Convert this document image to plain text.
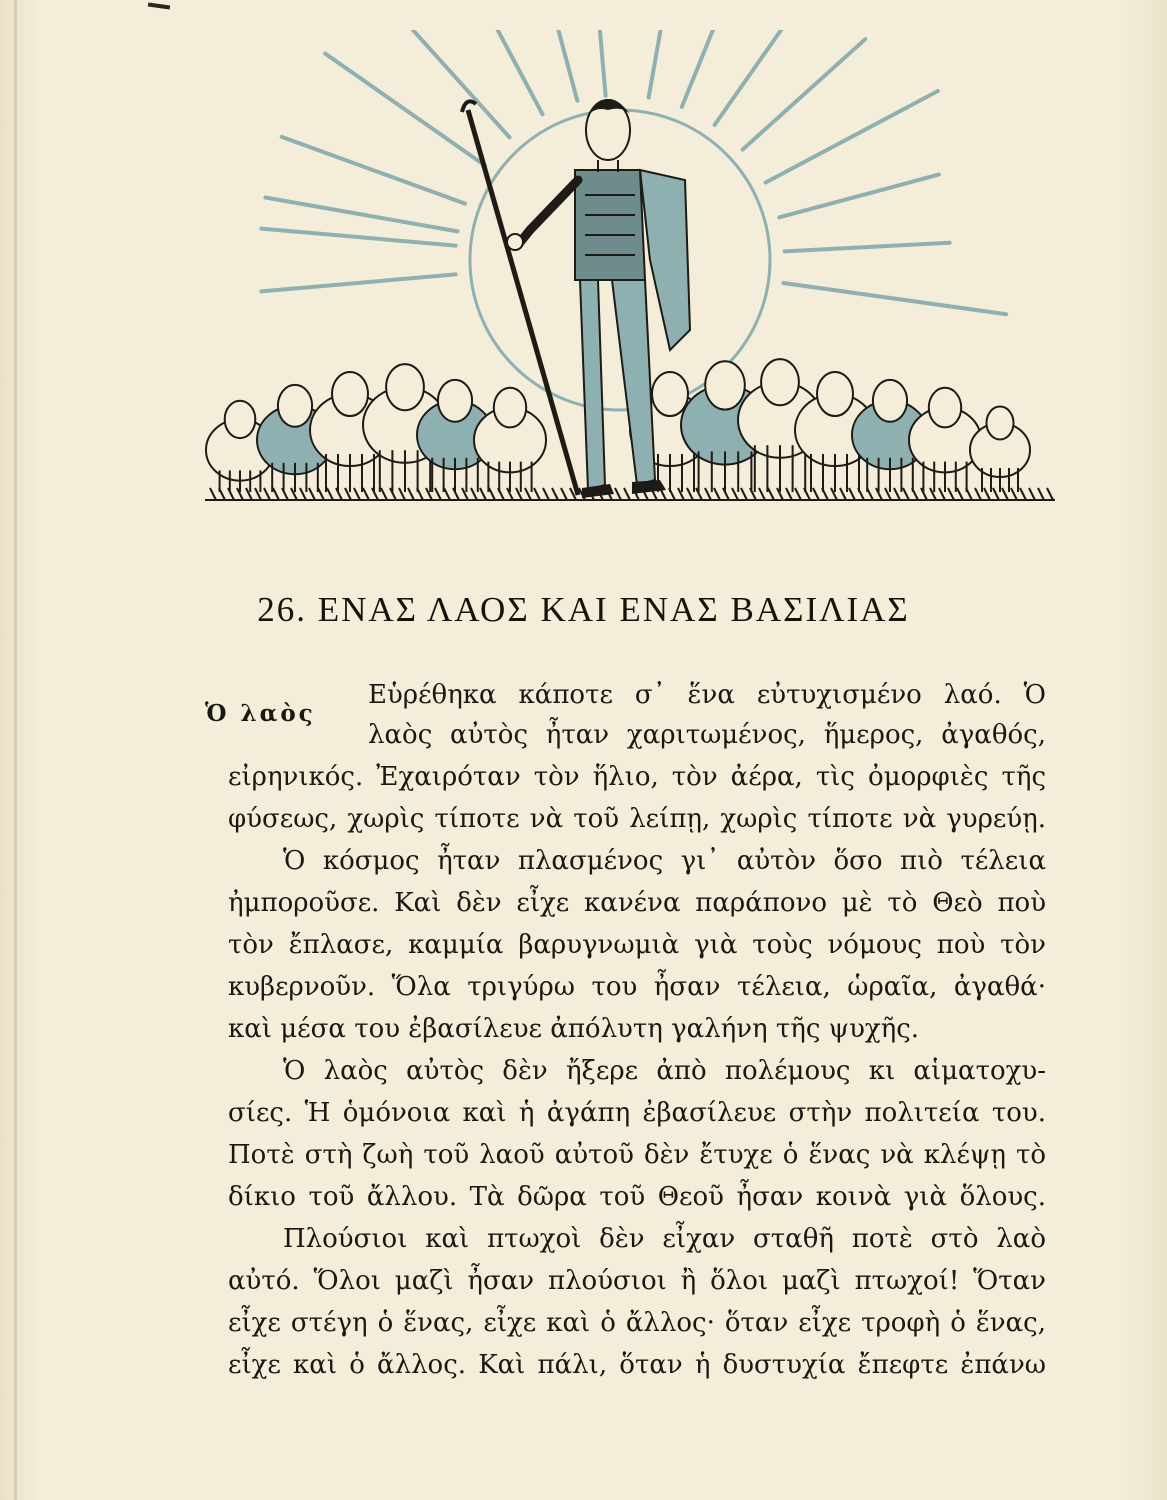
26. ΕΝΑΣ ΛΑΟΣ ΚΑΙ ΕΝΑΣ ΒΑΣΙΛΙΑΣ
Ὁ λαὸς
Εὑρέθηκα κάποτε σ᾽ ἕνα εὐτυχισμένο λαό. Ὁ
λαὸς αὐτὸς ἦταν χαριτωμένος, ἥμερος, ἀγαθός,
εἰρηνικός. Ἐχαιρόταν τὸν ἥλιο, τὸν ἀέρα, τὶς ὀμορφιὲς τῆς
φύσεως, χωρὶς τίποτε νὰ τοῦ λείπῃ, χωρὶς τίποτε νὰ γυρεύῃ.
Ὁ κόσμος ἦταν πλασμένος γι᾽ αὐτὸν ὅσο πιὸ τέλεια
ἠμποροῦσε. Καὶ δὲν εἶχε κανένα παράπονο μὲ τὸ Θεὸ ποὺ
τὸν ἔπλασε, καμμία βαρυγνωμιὰ γιὰ τοὺς νόμους ποὺ τὸν
κυβερνοῦν. Ὅλα τριγύρω του ἦσαν τέλεια, ὡραῖα, ἀγαθά·
καὶ μέσα του ἐβασίλευε ἀπόλυτη γαλήνη τῆς ψυχῆς.
Ὁ λαὸς αὐτὸς δὲν ἤξερε ἀπὸ πολέμους κι αἱματοχυ-
σίες. Ἡ ὁμόνοια καὶ ἡ ἀγάπη ἐβασίλευε στὴν πολιτεία του.
Ποτὲ στὴ ζωὴ τοῦ λαοῦ αὐτοῦ δὲν ἔτυχε ὁ ἕνας νὰ κλέψῃ τὸ
δίκιο τοῦ ἄλλου. Τὰ δῶρα τοῦ Θεοῦ ἦσαν κοινὰ γιὰ ὅλους.
Πλούσιοι καὶ πτωχοὶ δὲν εἶχαν σταθῆ ποτὲ στὸ λαὸ
αὐτό. Ὅλοι μαζὶ ἦσαν πλούσιοι ἢ ὅλοι μαζὶ πτωχοί! Ὅταν
εἶχε στέγη ὁ ἕνας, εἶχε καὶ ὁ ἄλλος· ὅταν εἶχε τροφὴ ὁ ἕνας,
εἶχε καὶ ὁ ἄλλος. Καὶ πάλι, ὅταν ἡ δυστυχία ἔπεφτε ἐπάνω
